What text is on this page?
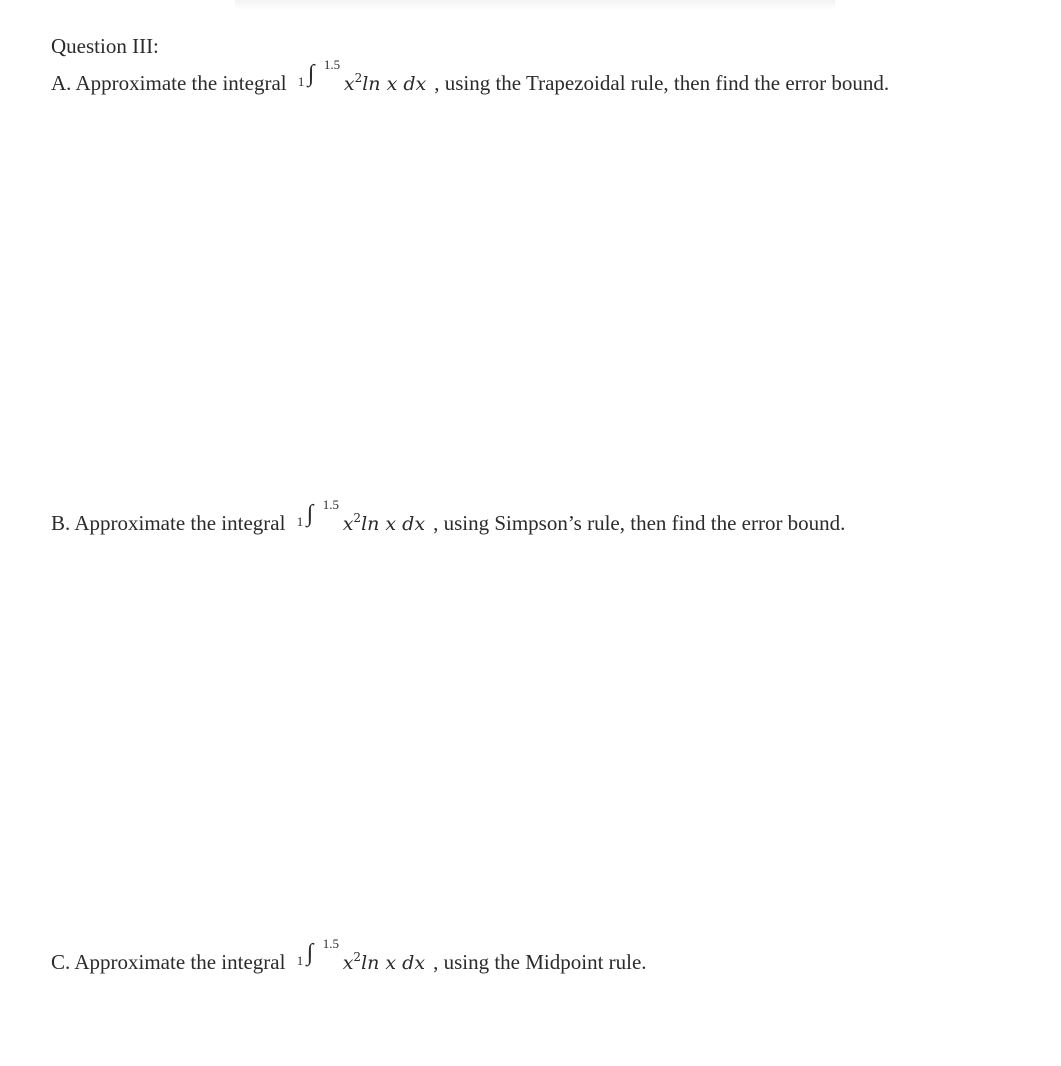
Question III:
A. Approximate the integral 1 ∫ 1.5
$x^2\ln$ x dx , using the Trapezoidal rule, then find the error bound.
B. Approximate the integral 1 ∫ 1.5
$x^2\ln$ x dx , using Simpson’s rule, then find the error bound.
C. Approximate the integral 1 ∫ 1.5
$x^2\ln$ x dx , using the Midpoint rule.
